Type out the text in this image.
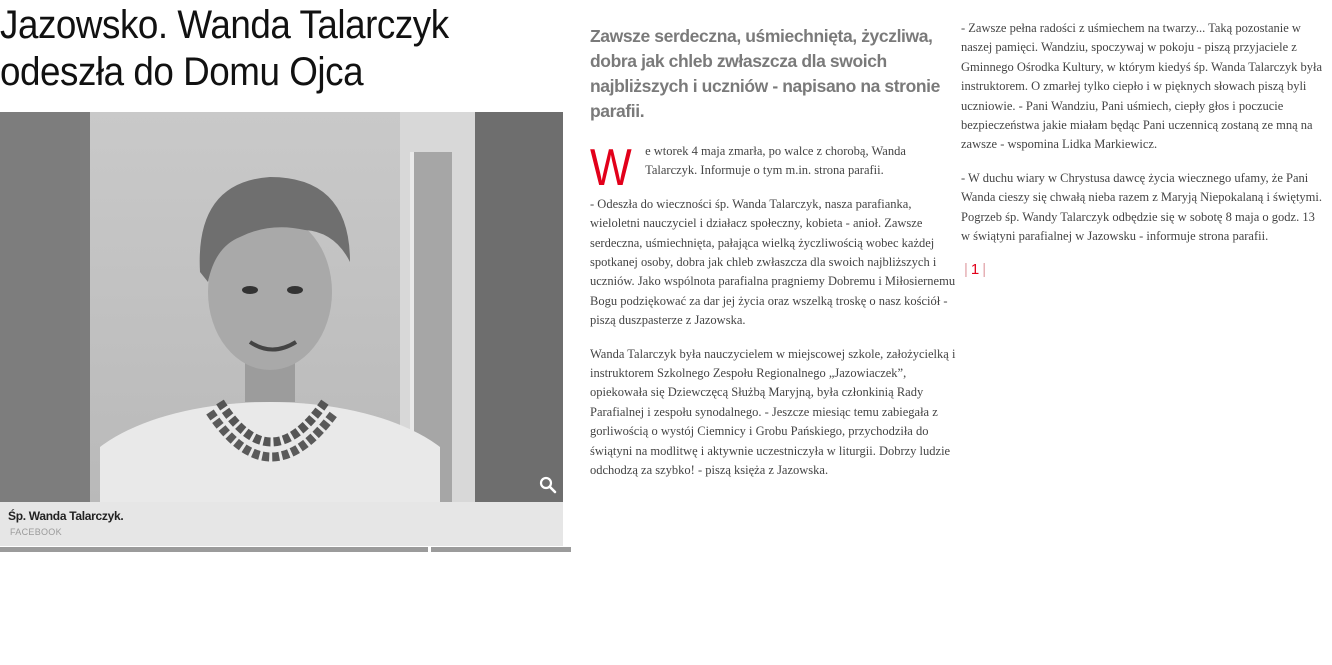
Jazowsko. Wanda Talarczyk odeszła do Domu Ojca
Śp. Wanda Talarczyk.
FACEBOOK
Zawsze serdeczna, uśmiechnięta, życzliwa, dobra jak chleb zwłaszcza dla swoich najbliższych i uczniów - napisano na stronie parafii.

W e wtorek 4 maja zmarła, po walce z chorobą, Wanda Talarczyk. Informuje o tym m.in. strona parafii.

- Odeszła do wieczności śp. Wanda Talarczyk, nasza parafianka, wieloletni nauczyciel i działacz społeczny, kobieta - anioł. Zawsze serdeczna, uśmiechnięta, pałająca wielką życzliwością wobec każdej spotkanej osoby, dobra jak chleb zwłaszcza dla swoich najbliższych i uczniów. Jako wspólnota parafialna pragniemy Dobremu i Miłosiernemu Bogu podziękować za dar jej życia oraz wszelką troskę o nasz kościół - piszą duszpasterze z Jazowska.

Wanda Talarczyk była nauczycielem w miejscowej szkole, założycielką i instruktorem Szkolnego Zespołu Regionalnego „Jazowiaczek”, opiekowała się Dziewczęcą Służbą Maryjną, była członkinią Rady Parafialnej i zespołu synodalnego. - Jeszcze miesiąc temu zabiegała z gorliwością o wystój Ciemnicy i Grobu Pańskiego, przychodziła do świątyni na modlitwę i aktywnie uczestniczyła w liturgii. Dobrzy ludzie odchodzą za szybko! - piszą księża z Jazowska.

- Zawsze pełna radości z uśmiechem na twarzy... Taką pozostanie w naszej pamięci. Wandziu, spoczywaj w pokoju - piszą przyjaciele z Gminnego Ośrodka Kultury, w którym kiedyś śp. Wanda Talarczyk była instruktorem. O zmarłej tylko ciepło i w pięknych słowach piszą byli uczniowie. - Pani Wandziu, Pani uśmiech, ciepły głos i poczucie bezpieczeństwa jakie miałam będąc Pani uczennicą zostaną ze mną na zawsze - wspomina Lidka Markiewicz.

- W duchu wiary w Chrystusa dawcę życia wiecznego ufamy, że Pani Wanda cieszy się chwałą nieba razem z Maryją Niepokalaną i świętymi. Pogrzeb śp. Wandy Talarczyk odbędzie się w sobotę 8 maja o godz. 13 w świątyni parafialnej w Jazowsku - informuje strona parafii.

| 1 |
